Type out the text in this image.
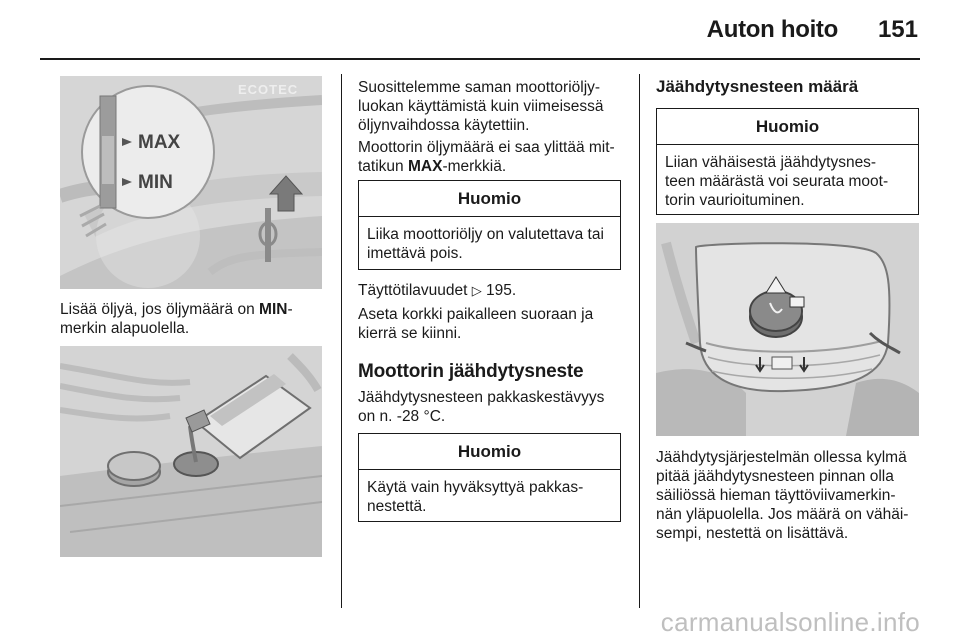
Auton hoito 151
MAX
MIN
ECOTEC
Lisää öljyä, jos öljymäärä on MIN-
merkin alapuolella.
Suosittelemme saman moottoriöljy-
luokan käyttämistä kuin viimeisessä
öljynvaihdossa käytettiin.
Moottorin öljymäärä ei saa ylittää mit-
tatikun MAX-merkkiä.
Huomio
Liika moottoriöljy on valutettava tai
imettävä pois.
Täyttötilavuudet ▷ 195.
Aseta korkki paikalleen suoraan ja
kierrä se kiinni.
Moottorin jäähdytysneste
Jäähdytysnesteen pakkaskestävyys
on n. -28 °C.
Huomio
Käytä vain hyväksyttyä pakkas-
nestettä.
Jäähdytysnesteen määrä
Huomio
Liian vähäisestä jäähdytysnes-
teen määrästä voi seurata moot-
torin vaurioituminen.
Jäähdytysjärjestelmän ollessa kylmä
pitää jäähdytysnesteen pinnan olla
säiliössä hieman täyttöviivamerkin-
nän yläpuolella. Jos määrä on vähäi-
sempi, nestettä on lisättävä.
carmanualsonline.info
